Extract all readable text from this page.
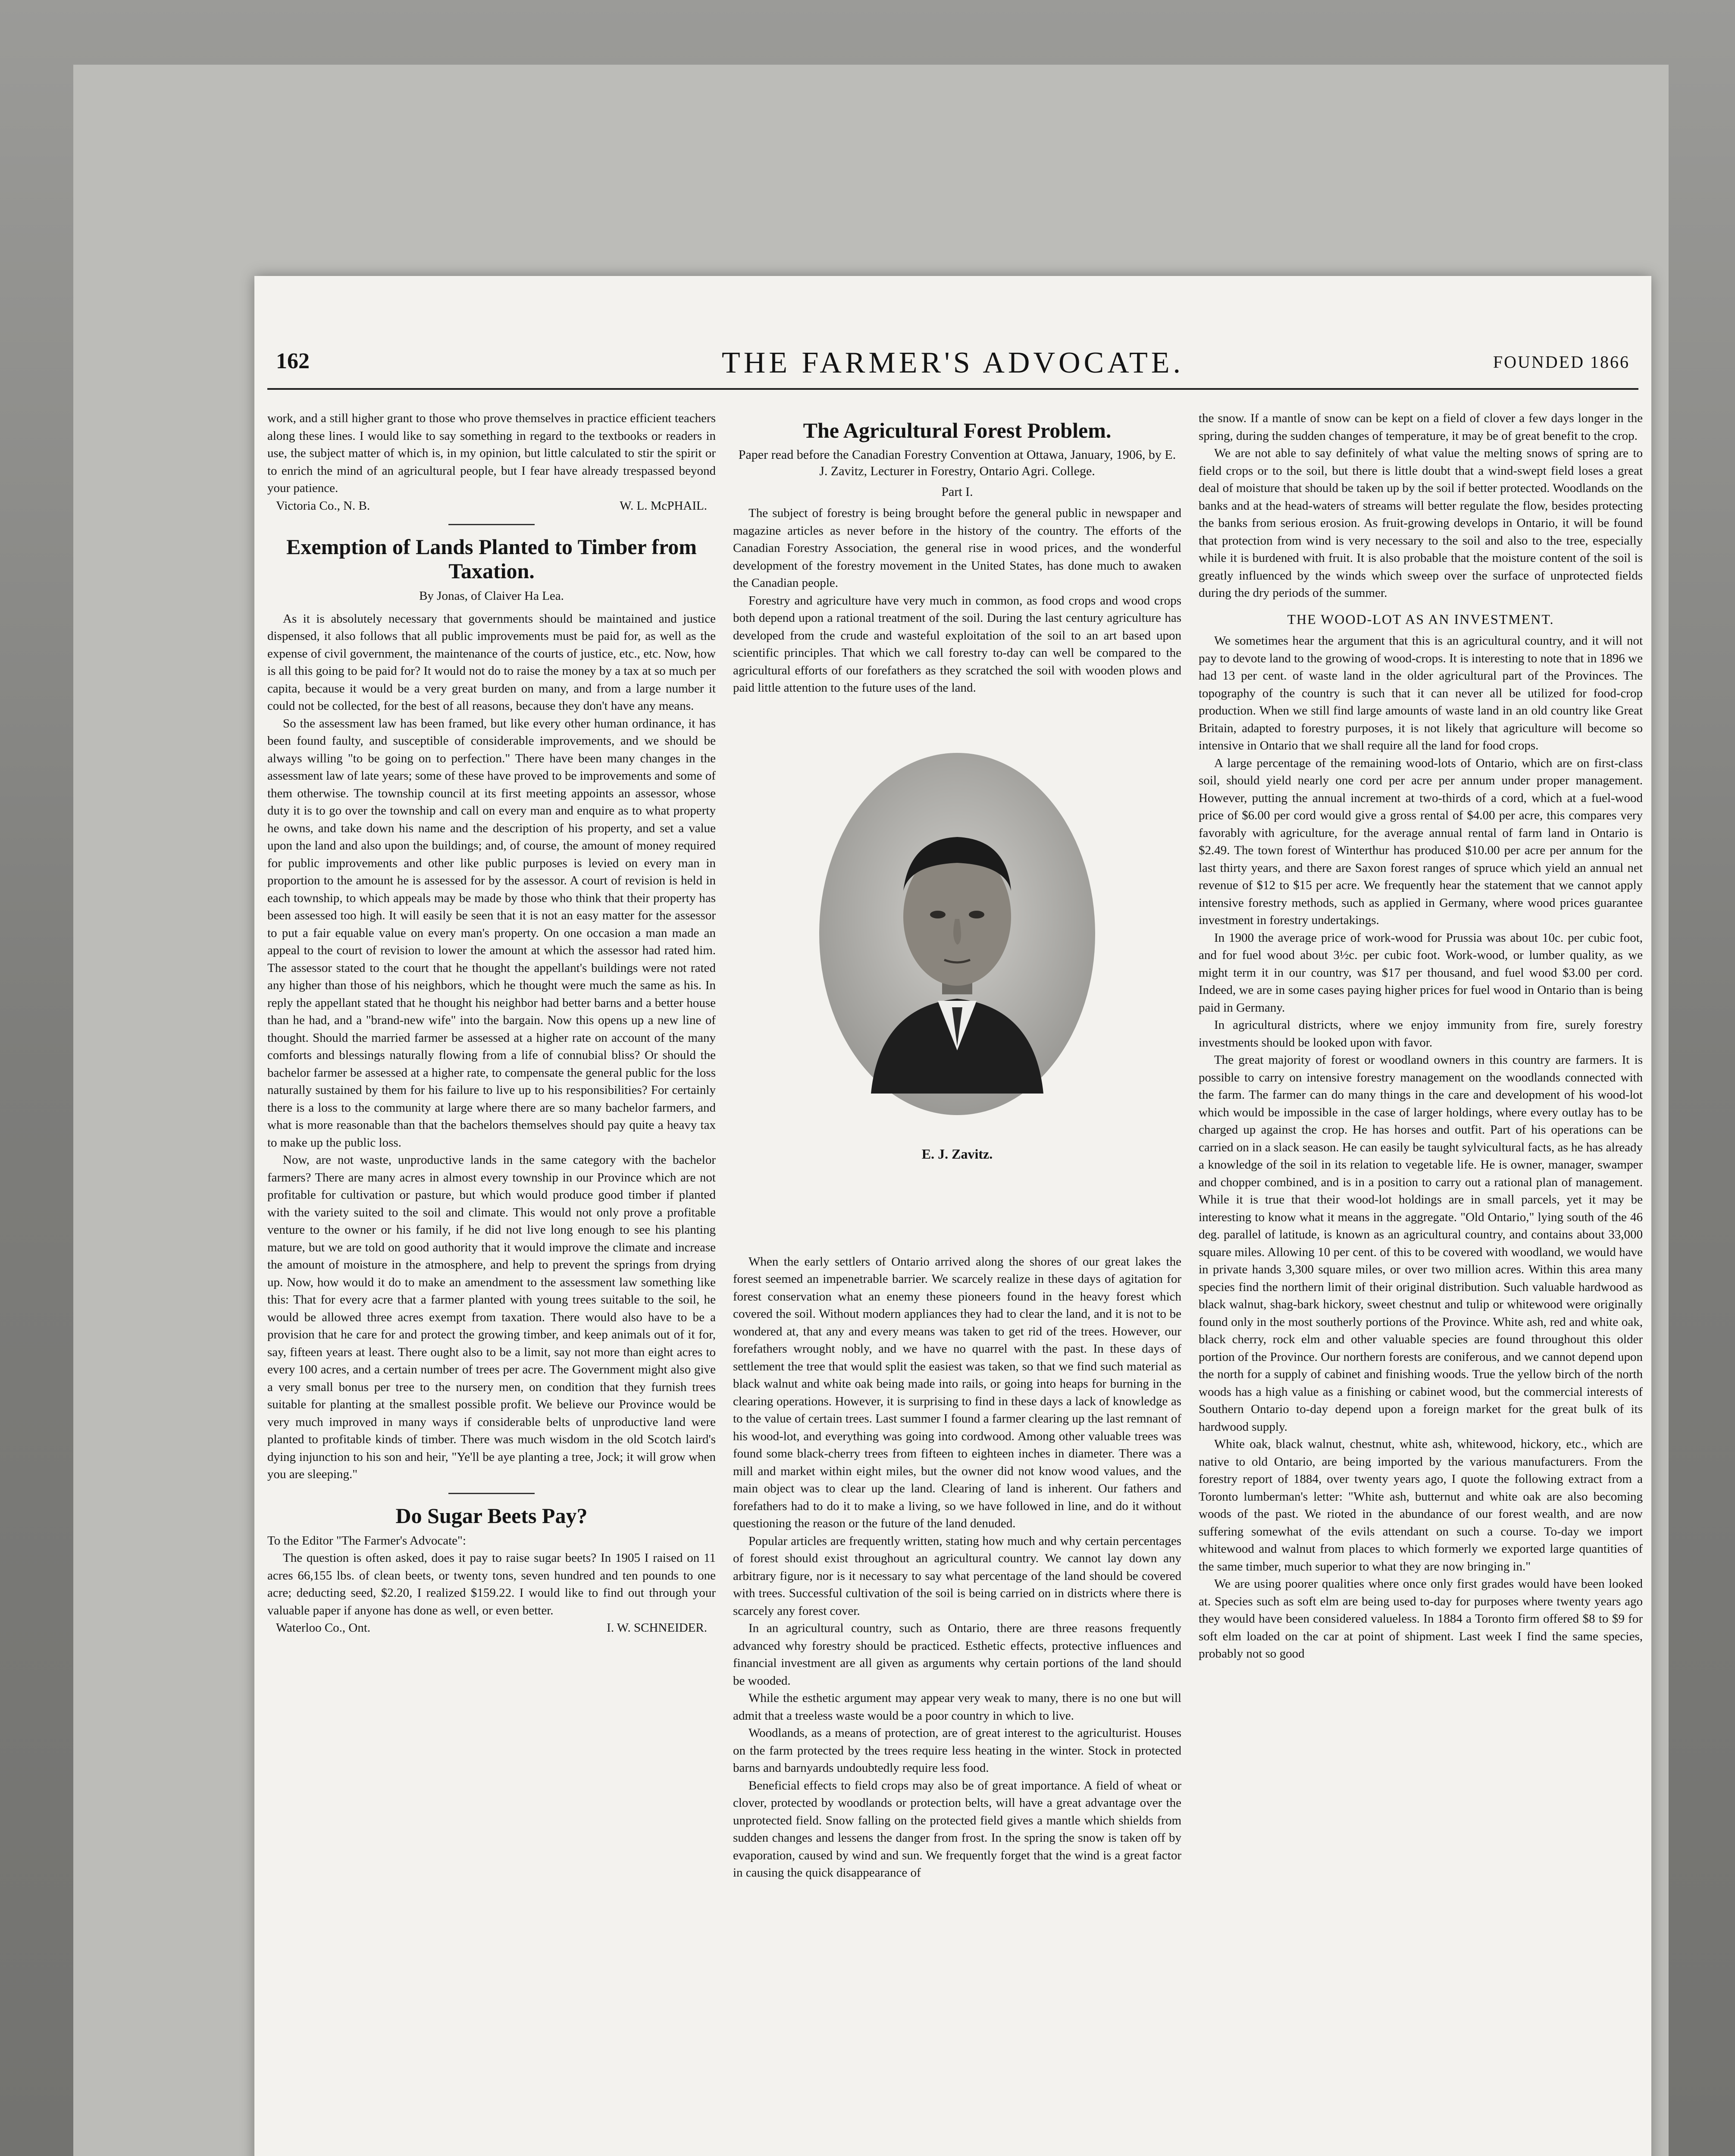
162	THE FARMER'S ADVOCATE.	FOUNDED 1866

work, and a still higher grant to those who prove themselves in practice efficient teachers along these lines. I would like to say something in regard to the textbooks or readers in use, the subject matter of which is, in my opinion, but little calculated to stir the spirit or to enrich the mind of an agricultural people, but I fear have already trespassed beyond your patience.

Victoria Co., N. B.	W. L. McPHAIL.
Exemption of Lands Planted to Timber from Taxation.
By Jonas, of Claiver Ha Lea.

As it is absolutely necessary that governments should be maintained and justice dispensed, it also follows that all public improvements must be paid for, as well as the expense of civil government, the maintenance of the courts of justice, etc., etc. Now, how is all this going to be paid for? It would not do to raise the money by a tax at so much per capita, because it would be a very great burden on many, and from a large number it could not be collected, for the best of all reasons, because they don't have any means.

So the assessment law has been framed, but like every other human ordinance, it has been found faulty, and susceptible of considerable improvements, and we should be always willing "to be going on to perfection." There have been many changes in the assessment law of late years; some of these have proved to be improvements and some of them otherwise. The township council at its first meeting appoints an assessor, whose duty it is to go over the township and call on every man and enquire as to what property he owns, and take down his name and the description of his property, and set a value upon the land and also upon the buildings; and, of course, the amount of money required for public improvements and other like public purposes is levied on every man in proportion to the amount he is assessed for by the assessor. A court of revision is held in each township, to which appeals may be made by those who think that their property has been assessed too high. It will easily be seen that it is not an easy matter for the assessor to put a fair equable value on every man's property. On one occasion a man made an appeal to the court of revision to lower the amount at which the assessor had rated him. The assessor stated to the court that he thought the appellant's buildings were not rated any higher than those of his neighbors, which he thought were much the same as his. In reply the appellant stated that he thought his neighbor had better barns and a better house than he had, and a "brand-new wife" into the bargain. Now this opens up a new line of thought. Should the married farmer be assessed at a higher rate on account of the many comforts and blessings naturally flowing from a life of connubial bliss? Or should the bachelor farmer be assessed at a higher rate, to compensate the general public for the loss naturally sustained by them for his failure to live up to his responsibilities? For certainly there is a loss to the community at large where there are so many bachelor farmers, and what is more reasonable than that the bachelors themselves should pay quite a heavy tax to make up the public loss.

Now, are not waste, unproductive lands in the same category with the bachelor farmers? There are many acres in almost every township in our Province which are not profitable for cultivation or pasture, but which would produce good timber if planted with the variety suited to the soil and climate. This would not only prove a profitable venture to the owner or his family, if he did not live long enough to see his planting mature, but we are told on good authority that it would improve the climate and increase the amount of moisture in the atmosphere, and help to prevent the springs from drying up. Now, how would it do to make an amendment to the assessment law something like this: That for every acre that a farmer planted with young trees suitable to the soil, he would be allowed three acres exempt from taxation. There would also have to be a provision that he care for and protect the growing timber, and keep animals out of it for, say, fifteen years at least. There ought also to be a limit, say not more than eight acres to every 100 acres, and a certain number of trees per acre. The Government might also give a very small bonus per tree to the nursery men, on condition that they furnish trees suitable for planting at the smallest possible profit. We believe our Province would be very much improved in many ways if considerable belts of unproductive land were planted to profitable kinds of timber. There was much wisdom in the old Scotch laird's dying injunction to his son and heir, "Ye'll be aye planting a tree, Jock; it will grow when you are sleeping."

Do Sugar Beets Pay?

To the Editor "The Farmer's Advocate":

The question is often asked, does it pay to raise sugar beets? In 1905 I raised on 11 acres 66,155 lbs. of clean beets, or twenty tons, seven hundred and ten pounds to one acre; deducting seed, $2.20, I realized $159.22. I would like to find out through your valuable paper if anyone has done as well, or even better.

Waterloo Co., Ont.	I. W. SCHNEIDER.
The Agricultural Forest Problem.
Paper read before the Canadian Forestry Convention at Ottawa, January, 1906, by E. J. Zavitz, Lecturer in Forestry, Ontario Agri. College.
Part I.

The subject of forestry is being brought before the general public in newspaper and magazine articles as never before in the history of the country. The efforts of the Canadian Forestry Association, the general rise in wood prices, and the wonderful development of the forestry movement in the United States, has done much to awaken the Canadian people.

Forestry and agriculture have very much in common, as food crops and wood crops both depend upon a rational treatment of the soil. During the last century agriculture has developed from the crude and wasteful exploitation of the soil to an art based upon scientific principles. That which we call forestry to-day can well be compared to the agricultural efforts of our forefathers as they scratched the soil with wooden plows and paid little attention to the future uses of the land.

E. J. Zavitz.

When the early settlers of Ontario arrived along the shores of our great lakes the forest seemed an impenetrable barrier. We scarcely realize in these days of agitation for forest conservation what an enemy these pioneers found in the heavy forest which covered the soil. Without modern appliances they had to clear the land, and it is not to be wondered at, that any and every means was taken to get rid of the trees. However, our forefathers wrought nobly, and we have no quarrel with the past. In these days of settlement the tree that would split the easiest was taken, so that we find such material as black walnut and white oak being made into rails, or going into heaps for burning in the clearing operations. However, it is surprising to find in these days a lack of knowledge as to the value of certain trees. Last summer I found a farmer clearing up the last remnant of his wood-lot, and everything was going into cordwood. Among other valuable trees was found some black-cherry trees from fifteen to eighteen inches in diameter. There was a mill and market within eight miles, but the owner did not know wood values, and the main object was to clear up the land. Clearing of land is inherent. Our fathers and forefathers had to do it to make a living, so we have followed in line, and do it without questioning the reason or the future of the land denuded.

Popular articles are frequently written, stating how much and why certain percentages of forest should exist throughout an agricultural country. We cannot lay down any arbitrary figure, nor is it necessary to say what percentage of the land should be covered with trees. Successful cultivation of the soil is being carried on in districts where there is scarcely any forest cover.

In an agricultural country, such as Ontario, there are three reasons frequently advanced why forestry should be practiced. Esthetic effects, protective influences and financial investment are all given as arguments why certain portions of the land should be wooded.

While the esthetic argument may appear very weak to many, there is no one but will admit that a treeless waste would be a poor country in which to live.

Woodlands, as a means of protection, are of great interest to the agriculturist. Houses on the farm protected by the trees require less heating in the winter. Stock in protected barns and barnyards undoubtedly require less food.

Beneficial effects to field crops may also be of great importance. A field of wheat or clover, protected by woodlands or protection belts, will have a great advantage over the unprotected field. Snow falling on the protected field gives a mantle which shields from sudden changes and lessens the danger from frost. In the spring the snow is taken off by evaporation, caused by wind and sun. We frequently forget that the wind is a great factor in causing the quick disappearance of

the snow. If a mantle of snow can be kept on a field of clover a few days longer in the spring, during the sudden changes of temperature, it may be of great benefit to the crop.

We are not able to say definitely of what value the melting snows of spring are to field crops or to the soil, but there is little doubt that a wind-swept field loses a great deal of moisture that should be taken up by the soil if better protected. Woodlands on the banks and at the head-waters of streams will better regulate the flow, besides protecting the banks from serious erosion. As fruit-growing develops in Ontario, it will be found that protection from wind is very necessary to the soil and also to the tree, especially while it is burdened with fruit. It is also probable that the moisture content of the soil is greatly influenced by the winds which sweep over the surface of unprotected fields during the dry periods of the summer.

THE WOOD-LOT AS AN INVESTMENT.

We sometimes hear the argument that this is an agricultural country, and it will not pay to devote land to the growing of wood-crops. It is interesting to note that in 1896 we had 13 per cent. of waste land in the older agricultural part of the Provinces. The topography of the country is such that it can never all be utilized for food-crop production. When we still find large amounts of waste land in an old country like Great Britain, adapted to forestry purposes, it is not likely that agriculture will become so intensive in Ontario that we shall require all the land for food crops.

A large percentage of the remaining wood-lots of Ontario, which are on first-class soil, should yield nearly one cord per acre per annum under proper management. However, putting the annual increment at two-thirds of a cord, which at a fuel-wood price of $6.00 per cord would give a gross rental of $4.00 per acre, this compares very favorably with agriculture, for the average annual rental of farm land in Ontario is $2.49. The town forest of Winterthur has produced $10.00 per acre per annum for the last thirty years, and there are Saxon forest ranges of spruce which yield an annual net revenue of $12 to $15 per acre. We frequently hear the statement that we cannot apply intensive forestry methods, such as applied in Germany, where wood prices guarantee investment in forestry undertakings.

In 1900 the average price of work-wood for Prussia was about 10c. per cubic foot, and for fuel wood about 3½c. per cubic foot. Work-wood, or lumber quality, as we might term it in our country, was $17 per thousand, and fuel wood $3.00 per cord. Indeed, we are in some cases paying higher prices for fuel wood in Ontario than is being paid in Germany.

In agricultural districts, where we enjoy immunity from fire, surely forestry investments should be looked upon with favor.

The great majority of forest or woodland owners in this country are farmers. It is possible to carry on intensive forestry management on the woodlands connected with the farm. The farmer can do many things in the care and development of his wood-lot which would be impossible in the case of larger holdings, where every outlay has to be charged up against the crop. He has horses and outfit. Part of his operations can be carried on in a slack season. He can easily be taught sylvicultural facts, as he has already a knowledge of the soil in its relation to vegetable life. He is owner, manager, swamper and chopper combined, and is in a position to carry out a rational plan of management. While it is true that their wood-lot holdings are in small parcels, yet it may be interesting to know what it means in the aggregate. "Old Ontario," lying south of the 46 deg. parallel of latitude, is known as an agricultural country, and contains about 33,000 square miles. Allowing 10 per cent. of this to be covered with woodland, we would have in private hands 3,300 square miles, or over two million acres. Within this area many species find the northern limit of their original distribution. Such valuable hardwood as black walnut, shag-bark hickory, sweet chestnut and tulip or whitewood were originally found only in the most southerly portions of the Province. White ash, red and white oak, black cherry, rock elm and other valuable species are found throughout this older portion of the Province. Our northern forests are coniferous, and we cannot depend upon the north for a supply of cabinet and finishing woods. True the yellow birch of the north woods has a high value as a finishing or cabinet wood, but the commercial interests of Southern Ontario to-day depend upon a foreign market for the great bulk of its hardwood supply.

White oak, black walnut, chestnut, white ash, whitewood, hickory, etc., which are native to old Ontario, are being imported by the various manufacturers. From the forestry report of 1884, over twenty years ago, I quote the following extract from a Toronto lumberman's letter: "White ash, butternut and white oak are also becoming woods of the past. We rioted in the abundance of our forest wealth, and are now suffering somewhat of the evils attendant on such a course. To-day we import whitewood and walnut from places to which formerly we exported large quantities of the same timber, much superior to what they are now bringing in."

We are using poorer qualities where once only first grades would have been looked at. Species such as soft elm are being used to-day for purposes where twenty years ago they would have been considered valueless. In 1884 a Toronto firm offered $8 to $9 for soft elm loaded on the car at point of shipment. Last week I find the same species, probably not so good
